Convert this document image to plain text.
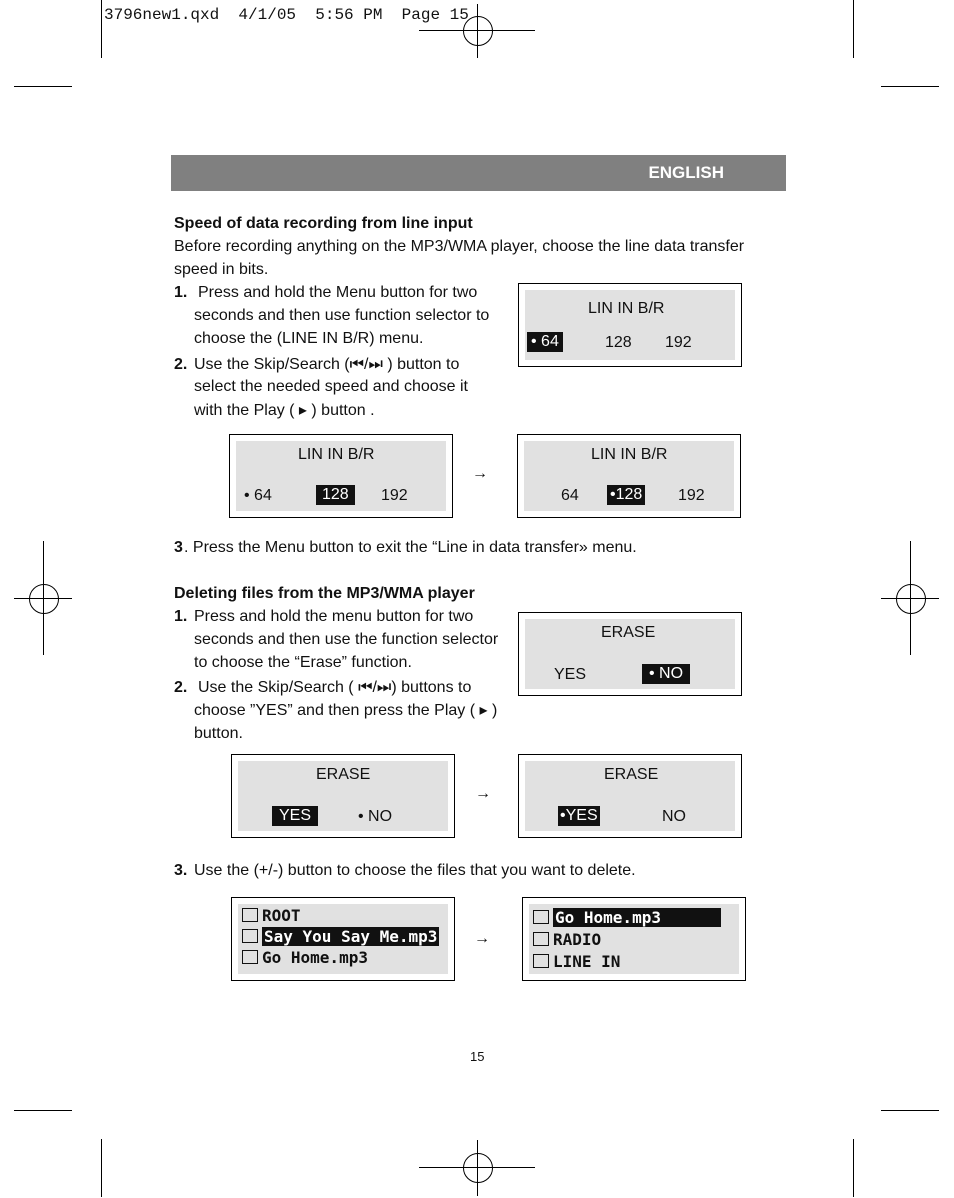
3796new1.qxd  4/1/05  5:56 PM  Page 15
ENGLISH
Speed of data recording from line input
Before recording anything on the MP3/WMA player, choose the line data transfer
speed in bits.
1. Press and hold the Menu button for two
seconds and then use function selector to
choose the (LINE IN B/R) menu.
2. Use the Skip/Search (⏮/⏭ ) button to
select the needed speed and choose it
with the Play ( ▸ ) button .
LIN IN B/R
• 64	128 192
LIN IN B/R
• 64	128	192
→
LIN IN B/R
64 •128 192
3 . Press the Menu button to exit the “Line in data transfer» menu.
Deleting files from the MP3/WMA player
1. Press and hold the menu button for two
seconds and then use the function selector
to choose the “Erase” function.
2. Use the Skip/Search ( ⏮/⏭) buttons to
choose ”YES” and then press the Play ( ▸ )
button.
ERASE
YES	• NO
ERASE
YES	• NO
→
ERASE
•YES	NO
3. Use the (+/-) button to choose the files that you want to delete.
ROOT
Say You Say Me.mp3
Go Home.mp3
→
Go Home.mp3
RADIO
LINE IN
15
